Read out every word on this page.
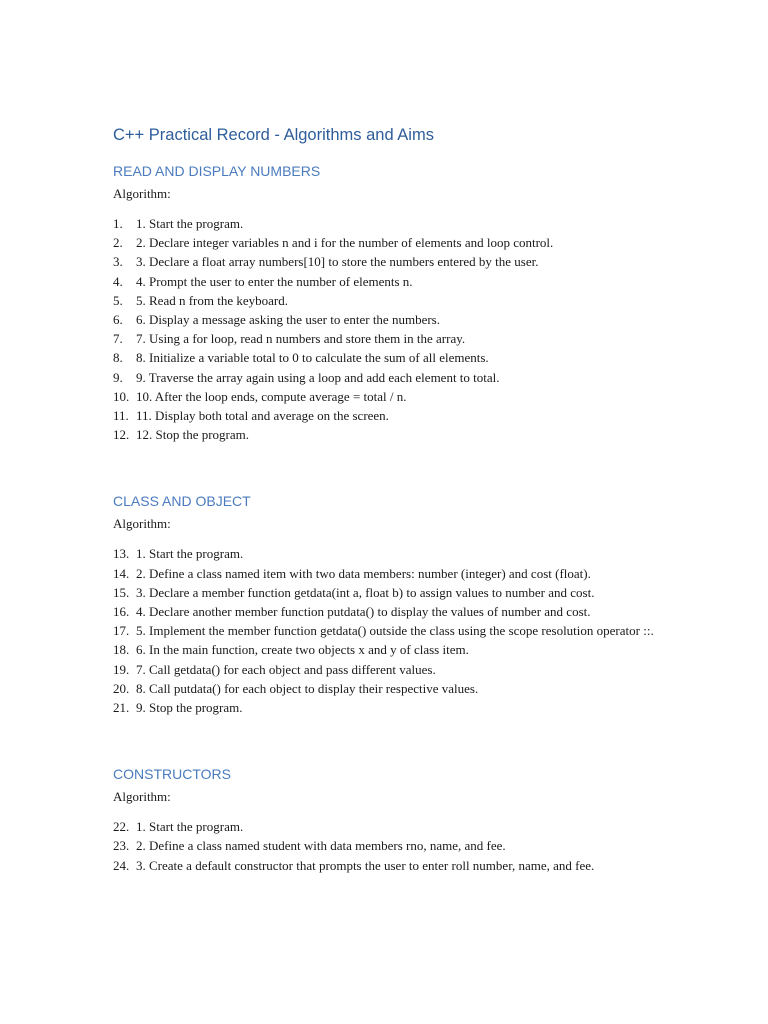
C++ Practical Record - Algorithms and Aims
READ AND DISPLAY NUMBERS
Algorithm:
1. 1. Start the program.
2. 2. Declare integer variables n and i for the number of elements and loop control.
3. 3. Declare a float array numbers[10] to store the numbers entered by the user.
4. 4. Prompt the user to enter the number of elements n.
5. 5. Read n from the keyboard.
6. 6. Display a message asking the user to enter the numbers.
7. 7. Using a for loop, read n numbers and store them in the array.
8. 8. Initialize a variable total to 0 to calculate the sum of all elements.
9. 9. Traverse the array again using a loop and add each element to total.
10. 10. After the loop ends, compute average = total / n.
11. 11. Display both total and average on the screen.
12. 12. Stop the program.
CLASS AND OBJECT
Algorithm:
13. 1. Start the program.
14. 2. Define a class named item with two data members: number (integer) and cost (float).
15. 3. Declare a member function getdata(int a, float b) to assign values to number and cost.
16. 4. Declare another member function putdata() to display the values of number and cost.
17. 5. Implement the member function getdata() outside the class using the scope resolution operator ::.
18. 6. In the main function, create two objects x and y of class item.
19. 7. Call getdata() for each object and pass different values.
20. 8. Call putdata() for each object to display their respective values.
21. 9. Stop the program.
CONSTRUCTORS
Algorithm:
22. 1. Start the program.
23. 2. Define a class named student with data members rno, name, and fee.
24. 3. Create a default constructor that prompts the user to enter roll number, name, and fee.
